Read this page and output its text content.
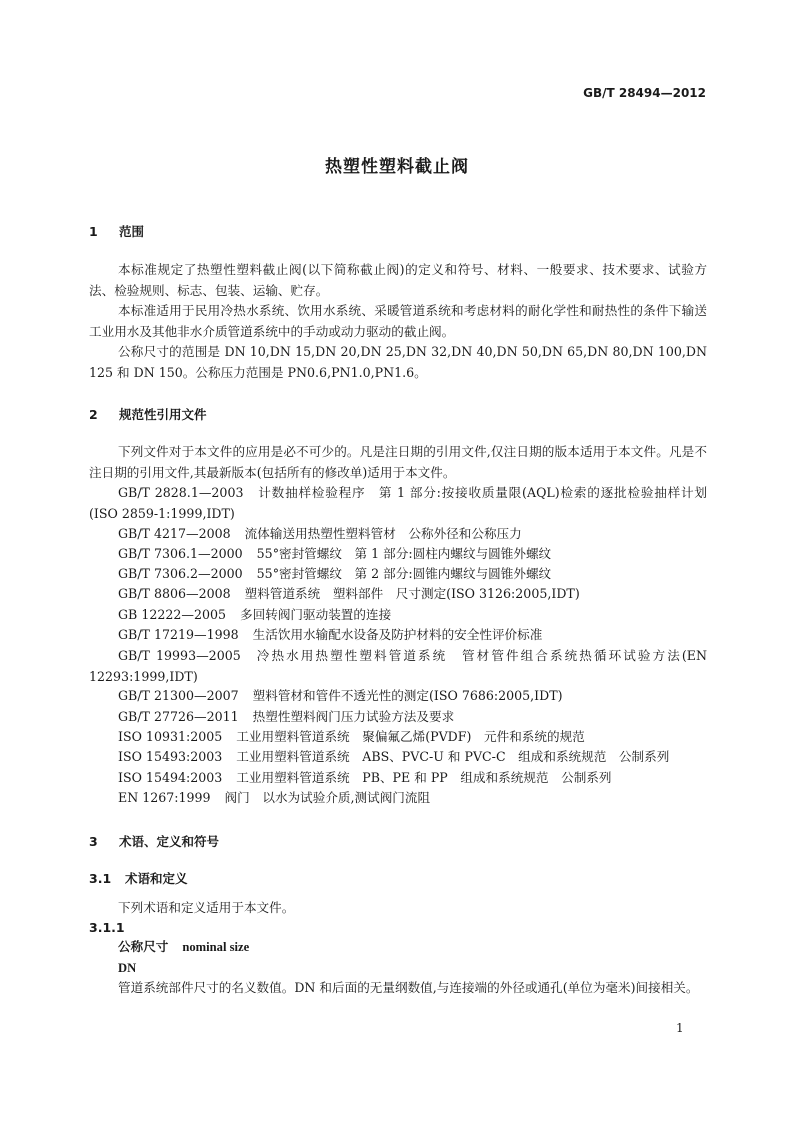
GB/T 28494—2012
热塑性塑料截止阀
1 范围

本标准规定了热塑性塑料截止阀(以下简称截止阀)的定义和符号、材料、一般要求、技术要求、试验方法、检验规则、标志、包装、运输、贮存。

本标准适用于民用冷热水系统、饮用水系统、采暖管道系统和考虑材料的耐化学性和耐热性的条件下输送工业用水及其他非水介质管道系统中的手动或动力驱动的截止阀。

公称尺寸的范围是 DN 10,DN 15,DN 20,DN 25,DN 32,DN 40,DN 50,DN 65,DN 80,DN 100,DN 125 和 DN 150。公称压力范围是 PN0.6,PN1.0,PN1.6。

2 规范性引用文件

下列文件对于本文件的应用是必不可少的。凡是注日期的引用文件,仅注日期的版本适用于本文件。凡是不注日期的引用文件,其最新版本(包括所有的修改单)适用于本文件。

GB/T 2828.1—2003 计数抽样检验程序　第 1 部分:按接收质量限(AQL)检索的逐批检验抽样计划(ISO 2859-1:1999,IDT)

GB/T 4217—2008 流体输送用热塑性塑料管材　公称外径和公称压力
GB/T 7306.1—2000 55°密封管螺纹　第 1 部分:圆柱内螺纹与圆锥外螺纹
GB/T 7306.2—2000 55°密封管螺纹　第 2 部分:圆锥内螺纹与圆锥外螺纹
GB/T 8806—2008 塑料管道系统　塑料部件　尺寸测定(ISO 3126:2005,IDT)
GB 12222—2005 多回转阀门驱动装置的连接
GB/T 17219—1998 生活饮用水输配水设备及防护材料的安全性评价标准

GB/T 19993—2005 冷热水用热塑性塑料管道系统　管材管件组合系统热循环试验方法(EN 12293:1999,IDT)

GB/T 21300—2007 塑料管材和管件不透光性的测定(ISO 7686:2005,IDT)
GB/T 27726—2011 热塑性塑料阀门压力试验方法及要求
ISO 10931:2005 工业用塑料管道系统　聚偏氟乙烯(PVDF)　元件和系统的规范
ISO 15493:2003 工业用塑料管道系统　ABS、PVC-U 和 PVC-C　组成和系统规范　公制系列
ISO 15494:2003 工业用塑料管道系统　PB、PE 和 PP　组成和系统规范　公制系列
EN 1267:1999 阀门　以水为试验介质,测试阀门流阻
3 术语、定义和符号
3.1 术语和定义
下列术语和定义适用于本文件。
3.1.1
公称尺寸 nominal size
DN

管道系统部件尺寸的名义数值。DN 和后面的无量纲数值,与连接端的外径或通孔(单位为毫米)间接相关。

1
